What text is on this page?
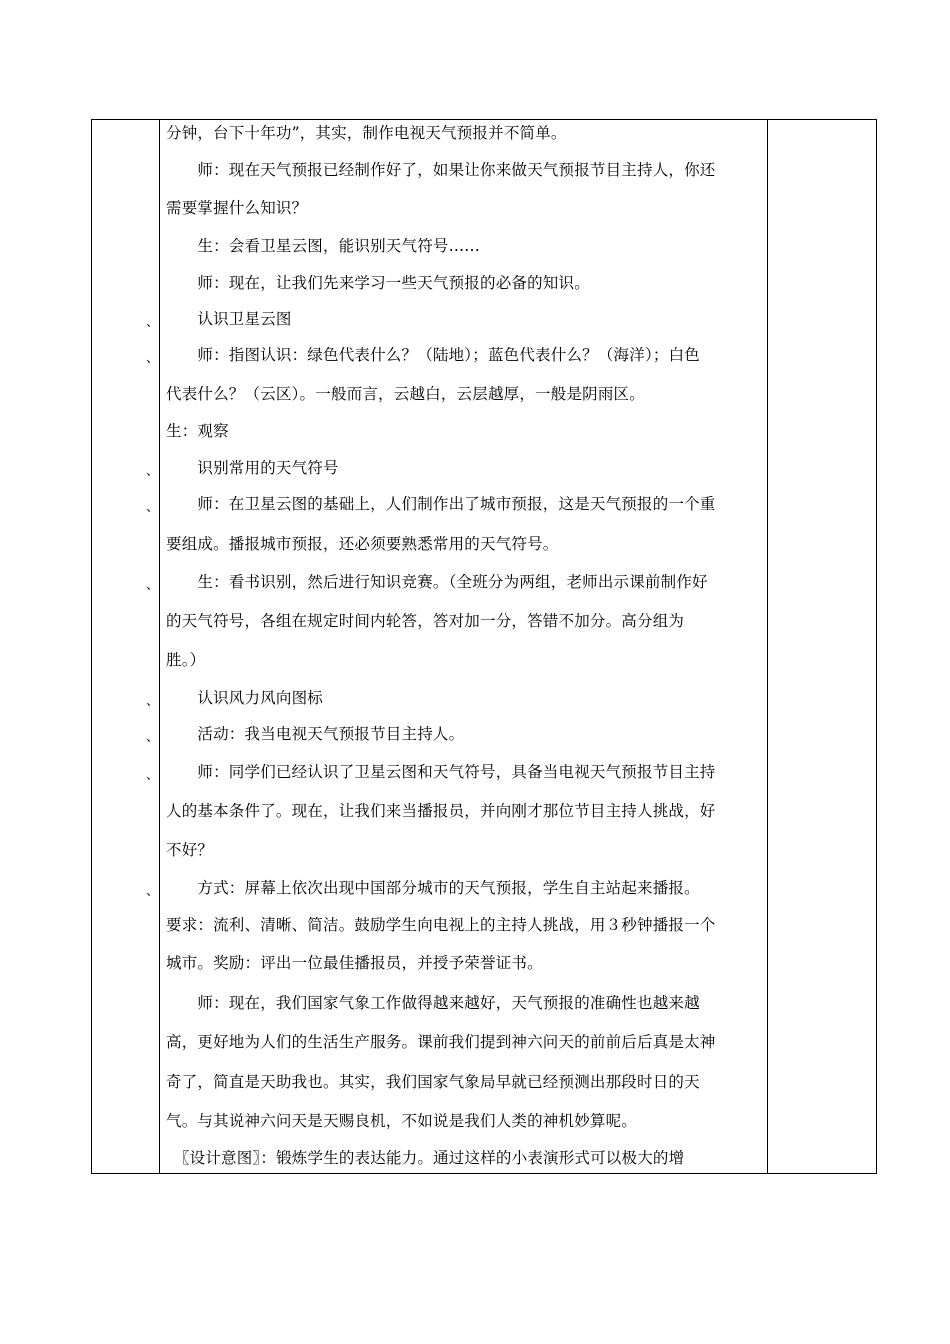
分钟，台下十年功”，其实，制作电视天气预报并不简单。
　　师：现在天气预报已经制作好了，如果让你来做天气预报节目主持人，你还
需要掌握什么知识？
　　生：会看卫星云图，能识别天气符号……
　　师：现在，让我们先来学习一些天气预报的必备的知识。
　　认识卫星云图
　　师：指图认识：绿色代表什么？（陆地）；蓝色代表什么？（海洋）；白色
代表什么？（云区）。一般而言，云越白，云层越厚，一般是阴雨区。
生：观察
　　识别常用的天气符号
　　师：在卫星云图的基础上，人们制作出了城市预报，这是天气预报的一个重
要组成。播报城市预报，还必须要熟悉常用的天气符号。
　　生：看书识别，然后进行知识竞赛。（全班分为两组，老师出示课前制作好
的天气符号，各组在规定时间内轮答，答对加一分，答错不加分。高分组为
胜。）
　　认识风力风向图标
　　活动：我当电视天气预报节目主持人。
　　师：同学们已经认识了卫星云图和天气符号，具备当电视天气预报节目主持
人的基本条件了。现在，让我们来当播报员，并向刚才那位节目主持人挑战，好
不好？
　　方式：屏幕上依次出现中国部分城市的天气预报，学生自主站起来播报。
要求：流利、清晰、简洁。鼓励学生向电视上的主持人挑战，用３秒钟播报一个
城市。奖励：评出一位最佳播报员，并授予荣誉证书。
　　师：现在，我们国家气象工作做得越来越好，天气预报的准确性也越来越
高，更好地为人们的生活生产服务。课前我们提到神六问天的前前后后真是太神
奇了，简直是天助我也。其实，我们国家气象局早就已经预测出那段时日的天
气。与其说神六问天是天赐良机，不如说是我们人类的神机妙算呢。
　〖设计意图〗：锻炼学生的表达能力。通过这样的小表演形式可以极大的增
、
、
、
、
、
、
、
、
、
